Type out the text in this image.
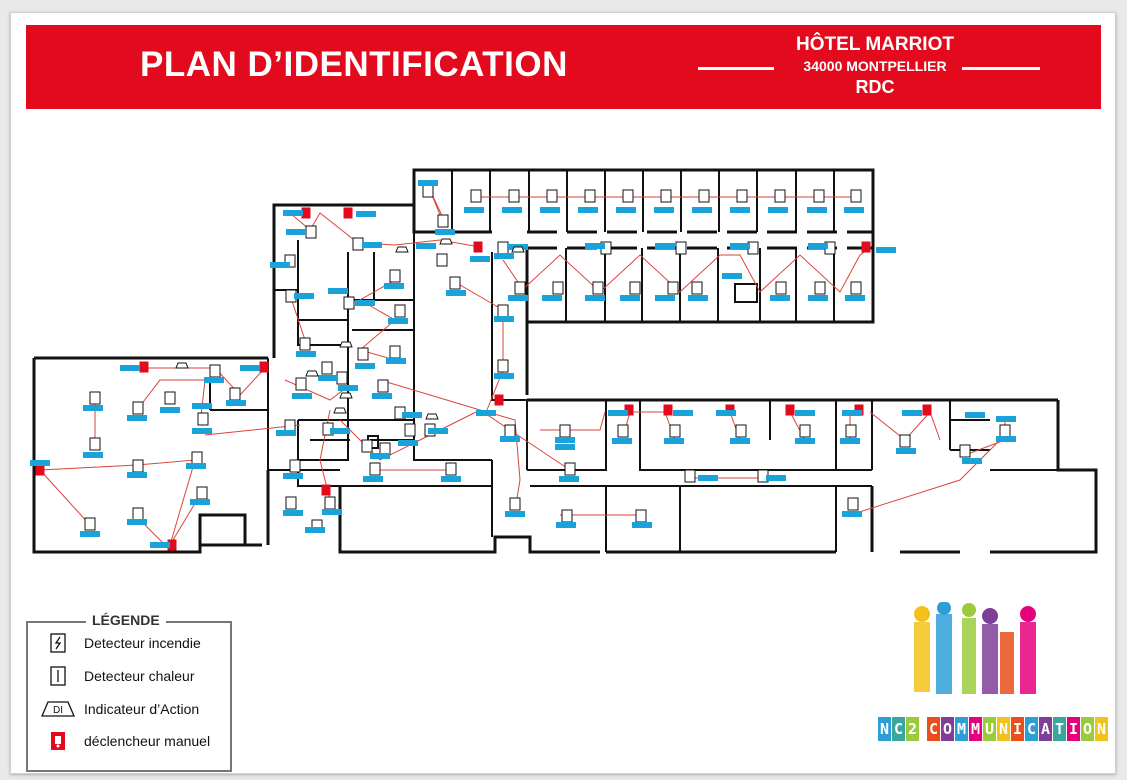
PLAN D’IDENTIFICATION
HÔTEL MARRIOT
34000 MONTPELLIER
RDC
LÉGENDE
Detecteur incendie
Detecteur chaleur
DI Indicateur d’Action
déclencheur manuel
N C 2 C O M M U N I C A T I O N
